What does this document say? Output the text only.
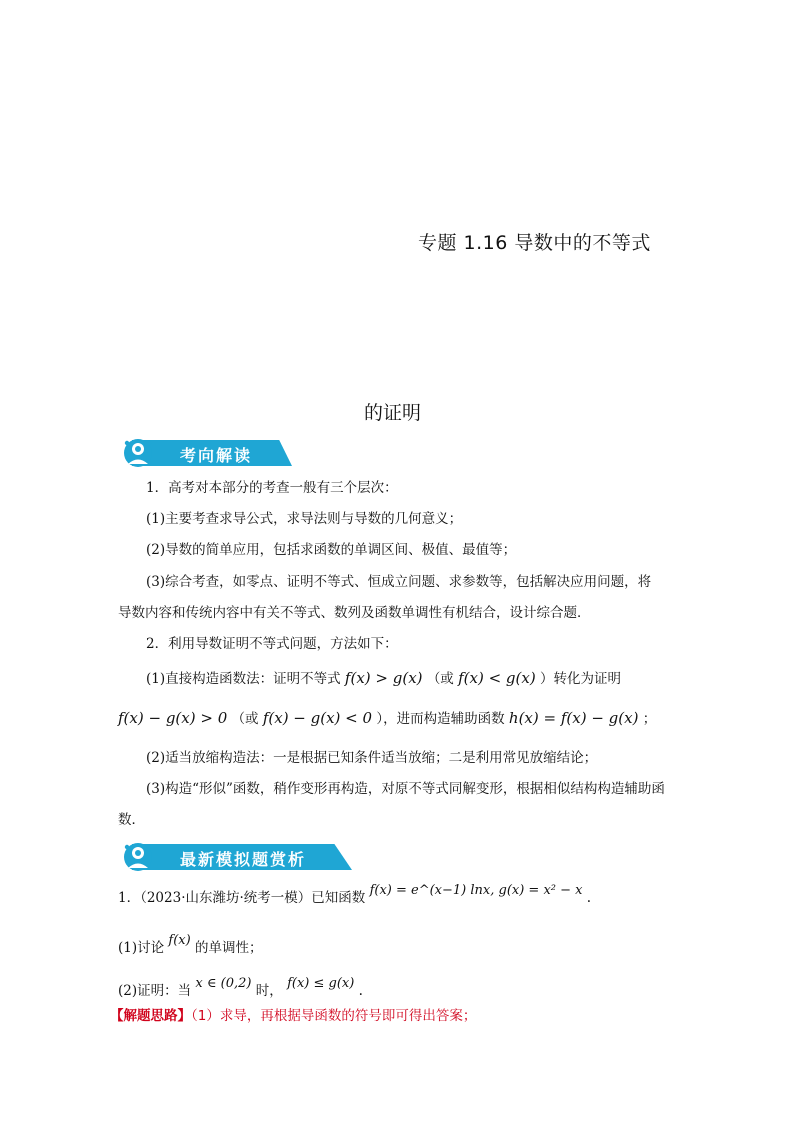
专题 1.16 导数中的不等式
的证明
考向解读
1．高考对本部分的考查一般有三个层次：
(1)主要考查求导公式，求导法则与导数的几何意义；
(2)导数的简单应用，包括求函数的单调区间、极值、最值等；
(3)综合考查，如零点、证明不等式、恒成立问题、求参数等，包括解决应用问题，将
导数内容和传统内容中有关不等式、数列及函数单调性有机结合，设计综合题．
2．利用导数证明不等式问题，方法如下：
(1)直接构造函数法：证明不等式 f(x) > g(x) （或 f(x) < g(x) ）转化为证明
f(x) − g(x) > 0 （或 f(x) − g(x) < 0 ），进而构造辅助函数 h(x) = f(x) − g(x) ；
(2)适当放缩构造法：一是根据已知条件适当放缩；二是利用常见放缩结论；
(3)构造“形似”函数，稍作变形再构造，对原不等式同解变形，根据相似结构构造辅助函
数．
最新模拟题赏析
1．（2023·山东潍坊·统考一模）已知函数 f(x) = e^(x−1) lnx, g(x) = x² − x .
(1)讨论 f(x) 的单调性；
(2)证明：当 x ∈ (0,2) 时， f(x) ≤ g(x) .
【解题思路】（1）求导，再根据导函数的符号即可得出答案；
